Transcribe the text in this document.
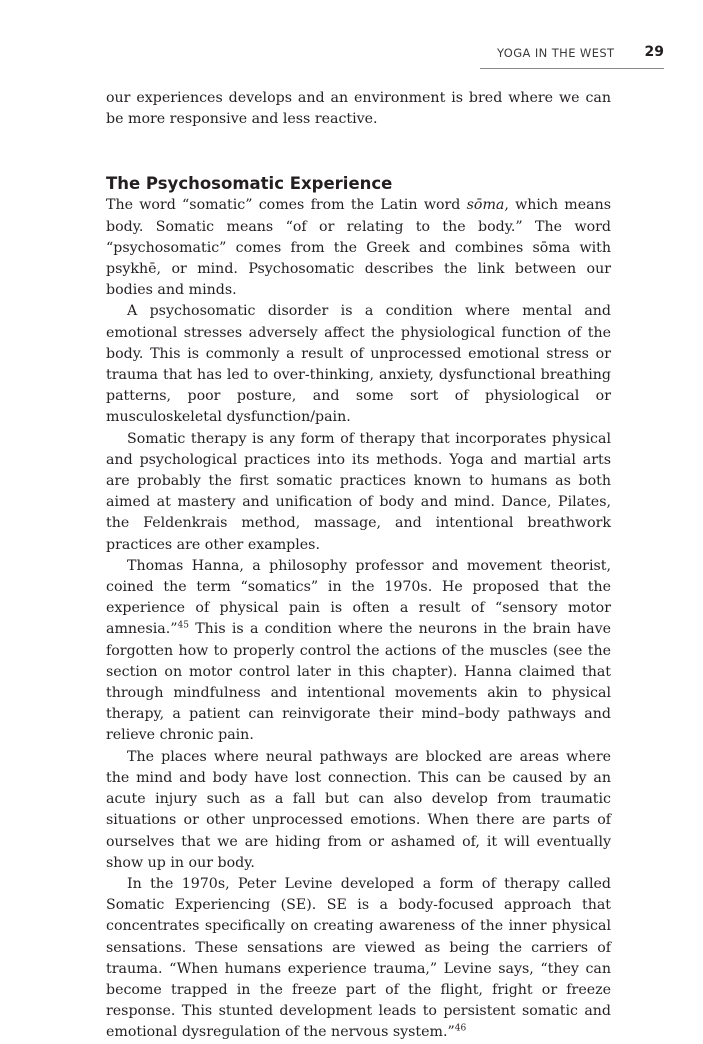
YOGA IN THE WEST 29

our experiences develops and an environment is bred where we can be more responsive and less reactive.

The Psychosomatic Experience

The word “somatic” comes from the Latin word sōma, which means body. Somatic means “of or relating to the body.” The word “psychosomatic” comes from the Greek and combines sōma with psykhē, or mind. Psychosomatic describes the link between our bodies and minds.

A psychosomatic disorder is a condition where mental and emotional stresses adversely affect the physiological function of the body. This is commonly a result of unprocessed emotional stress or trauma that has led to over-thinking, anxiety, dysfunctional breathing patterns, poor posture, and some sort of physiological or musculoskeletal dysfunction/pain.

Somatic therapy is any form of therapy that incorporates physical and psychological practices into its methods. Yoga and martial arts are probably the first somatic practices known to humans as both aimed at mastery and unification of body and mind. Dance, Pilates, the Feldenkrais method, massage, and intentional breathwork practices are other examples.

Thomas Hanna, a philosophy professor and movement theorist, coined the term “somatics” in the 1970s. He proposed that the experience of physical pain is often a result of “sensory motor amnesia.”$^{45}$ This is a condition where the neurons in the brain have forgotten how to properly control the actions of the muscles (see the section on motor control later in this chapter). Hanna claimed that through mindfulness and intentional movements akin to physical therapy, a patient can reinvigorate their mind–body pathways and relieve chronic pain.

The places where neural pathways are blocked are areas where the mind and body have lost connection. This can be caused by an acute injury such as a fall but can also develop from traumatic situations or other unprocessed emotions. When there are parts of ourselves that we are hiding from or ashamed of, it will eventually show up in our body.

In the 1970s, Peter Levine developed a form of therapy called Somatic Experiencing (SE). SE is a body-focused approach that concentrates specifically on creating awareness of the inner physical sensations. These sensations are viewed as being the carriers of trauma. “When humans experience trauma,” Levine says, “they can become trapped in the freeze part of the flight, fright or freeze response. This stunted development leads to persistent somatic and emotional dysregulation of the nervous system.”$^{46}$
